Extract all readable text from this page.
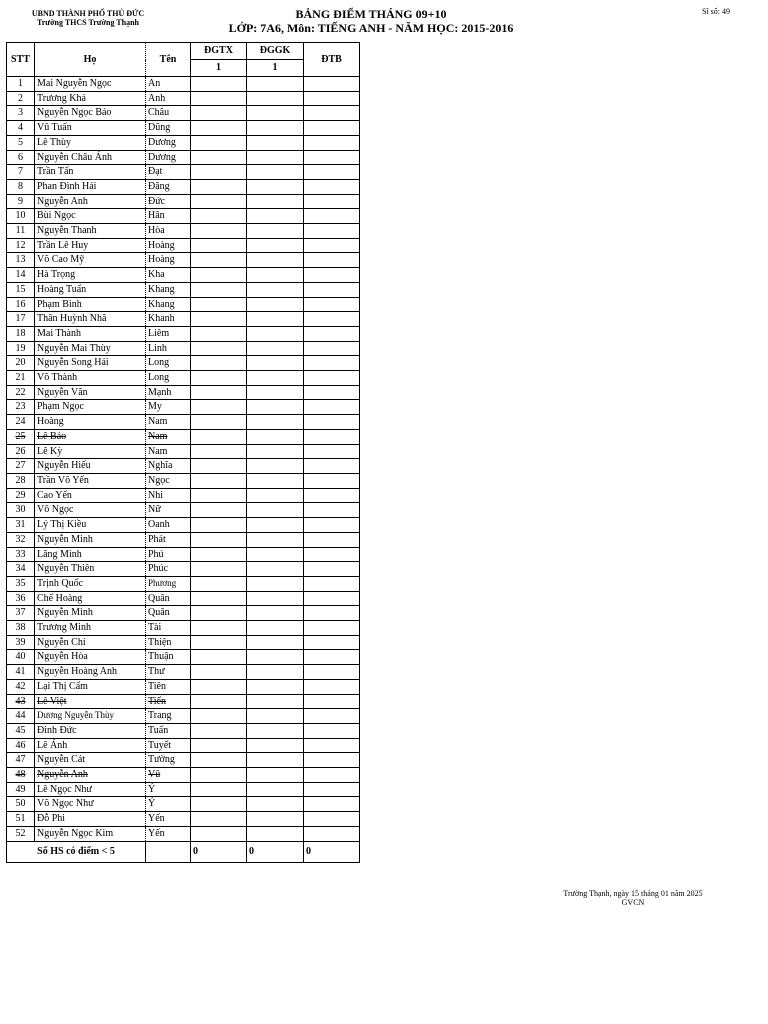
UBND THÀNH PHỐ THỦ ĐỨC
Trường THCS Trường Thạnh
BẢNG ĐIỂM THÁNG 09+10
LỚP: 7A6, Môn: TIẾNG ANH - NĂM HỌC: 2015-2016
Sĩ số: 49
STT	Họ	Tên	ĐGTX	ĐGGK	ĐTB
			1	1	
1	Mai Nguyễn Ngọc	An			
2	Trương Khả	Anh			
3	Nguyễn Ngọc Bảo	Châu			
4	Vũ Tuấn	Dũng			
5	Lê Thùy	Dương			
6	Nguyễn Châu Ánh	Dương			
7	Trần Tấn	Đạt			
8	Phan Đình Hải	Đăng			
9	Nguyễn Anh	Đức			
10	Bùi Ngọc	Hân			
11	Nguyễn Thanh	Hòa			
12	Trần Lê Huy	Hoàng			
13	Võ Cao Mỹ	Hoàng			
14	Hà Trọng	Kha			
15	Hoàng Tuấn	Khang			
16	Phạm Bình	Khang			
17	Thân Huỳnh Nhã	Khanh			
18	Mai Thành	Liêm			
19	Nguyễn Mai Thùy	Linh			
20	Nguyễn Song Hải	Long			
21	Võ Thành	Long			
22	Nguyễn Văn	Mạnh			
23	Phạm Ngọc	My			
24	Hoàng	Nam			
25	Lê Bảo	Nam			
26	Lê Kỳ	Nam			
27	Nguyễn Hiếu	Nghĩa			
28	Trần Võ Yến	Ngọc			
29	Cao Yến	Nhi			
30	Võ Ngọc	Nữ			
31	Lý Thị Kiều	Oanh			
32	Nguyễn Minh	Phát			
33	Lăng Minh	Phú			
34	Nguyễn Thiên	Phúc			
35	Trịnh Quốc	Phương			
36	Chế Hoàng	Quân			
37	Nguyễn Minh	Quân			
38	Trương Minh	Tài			
39	Nguyễn Chí	Thiện			
40	Nguyễn Hòa	Thuận			
41	Nguyễn Hoàng Anh	Thư			
42	Lại Thị Cẩm	Tiên			
43	Lê Việt	Tiến			
44	Dương Nguyễn Thùy	Trang			
45	Đinh Đức	Tuấn			
46	Lê Ánh	Tuyết			
47	Nguyễn Cát	Tường			
48	Nguyễn Anh	Vũ			
49	Lê Ngọc Như	Ý			
50	Võ Ngọc Như	Ý			
51	Đỗ Phi	Yến			
52	Nguyễn Ngọc Kim	Yến			
Số HS có điểm < 5			0	0	0
Trường Thạnh, ngày 15 tháng 01 năm 2025
GVCN
